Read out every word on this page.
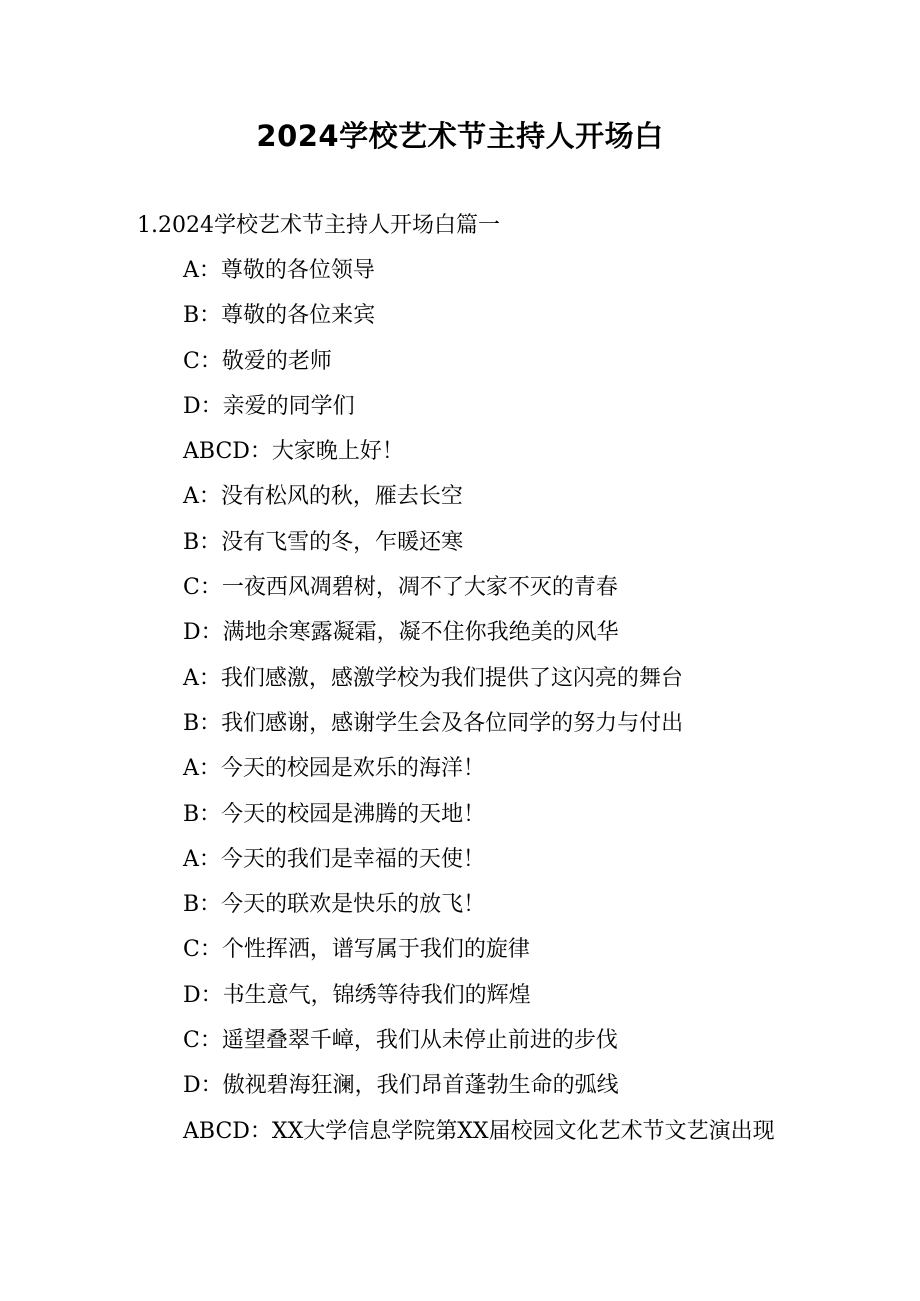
2024学校艺术节主持人开场白
1.2024学校艺术节主持人开场白篇一
A：尊敬的各位领导
B：尊敬的各位来宾
C：敬爱的老师
D：亲爱的同学们
ABCD：大家晚上好！
A：没有松风的秋，雁去长空
B：没有飞雪的冬，乍暖还寒
C：一夜西风凋碧树，凋不了大家不灭的青春
D：满地余寒露凝霜，凝不住你我绝美的风华
A：我们感激，感激学校为我们提供了这闪亮的舞台
B：我们感谢，感谢学生会及各位同学的努力与付出
A：今天的校园是欢乐的海洋！
B：今天的校园是沸腾的天地！
A：今天的我们是幸福的天使！
B：今天的联欢是快乐的放飞！
C：个性挥洒，谱写属于我们的旋律
D：书生意气，锦绣等待我们的辉煌
C：遥望叠翠千嶂，我们从未停止前进的步伐
D：傲视碧海狂澜，我们昂首蓬勃生命的弧线
ABCD：XX大学信息学院第XX届校园文化艺术节文艺演出现
